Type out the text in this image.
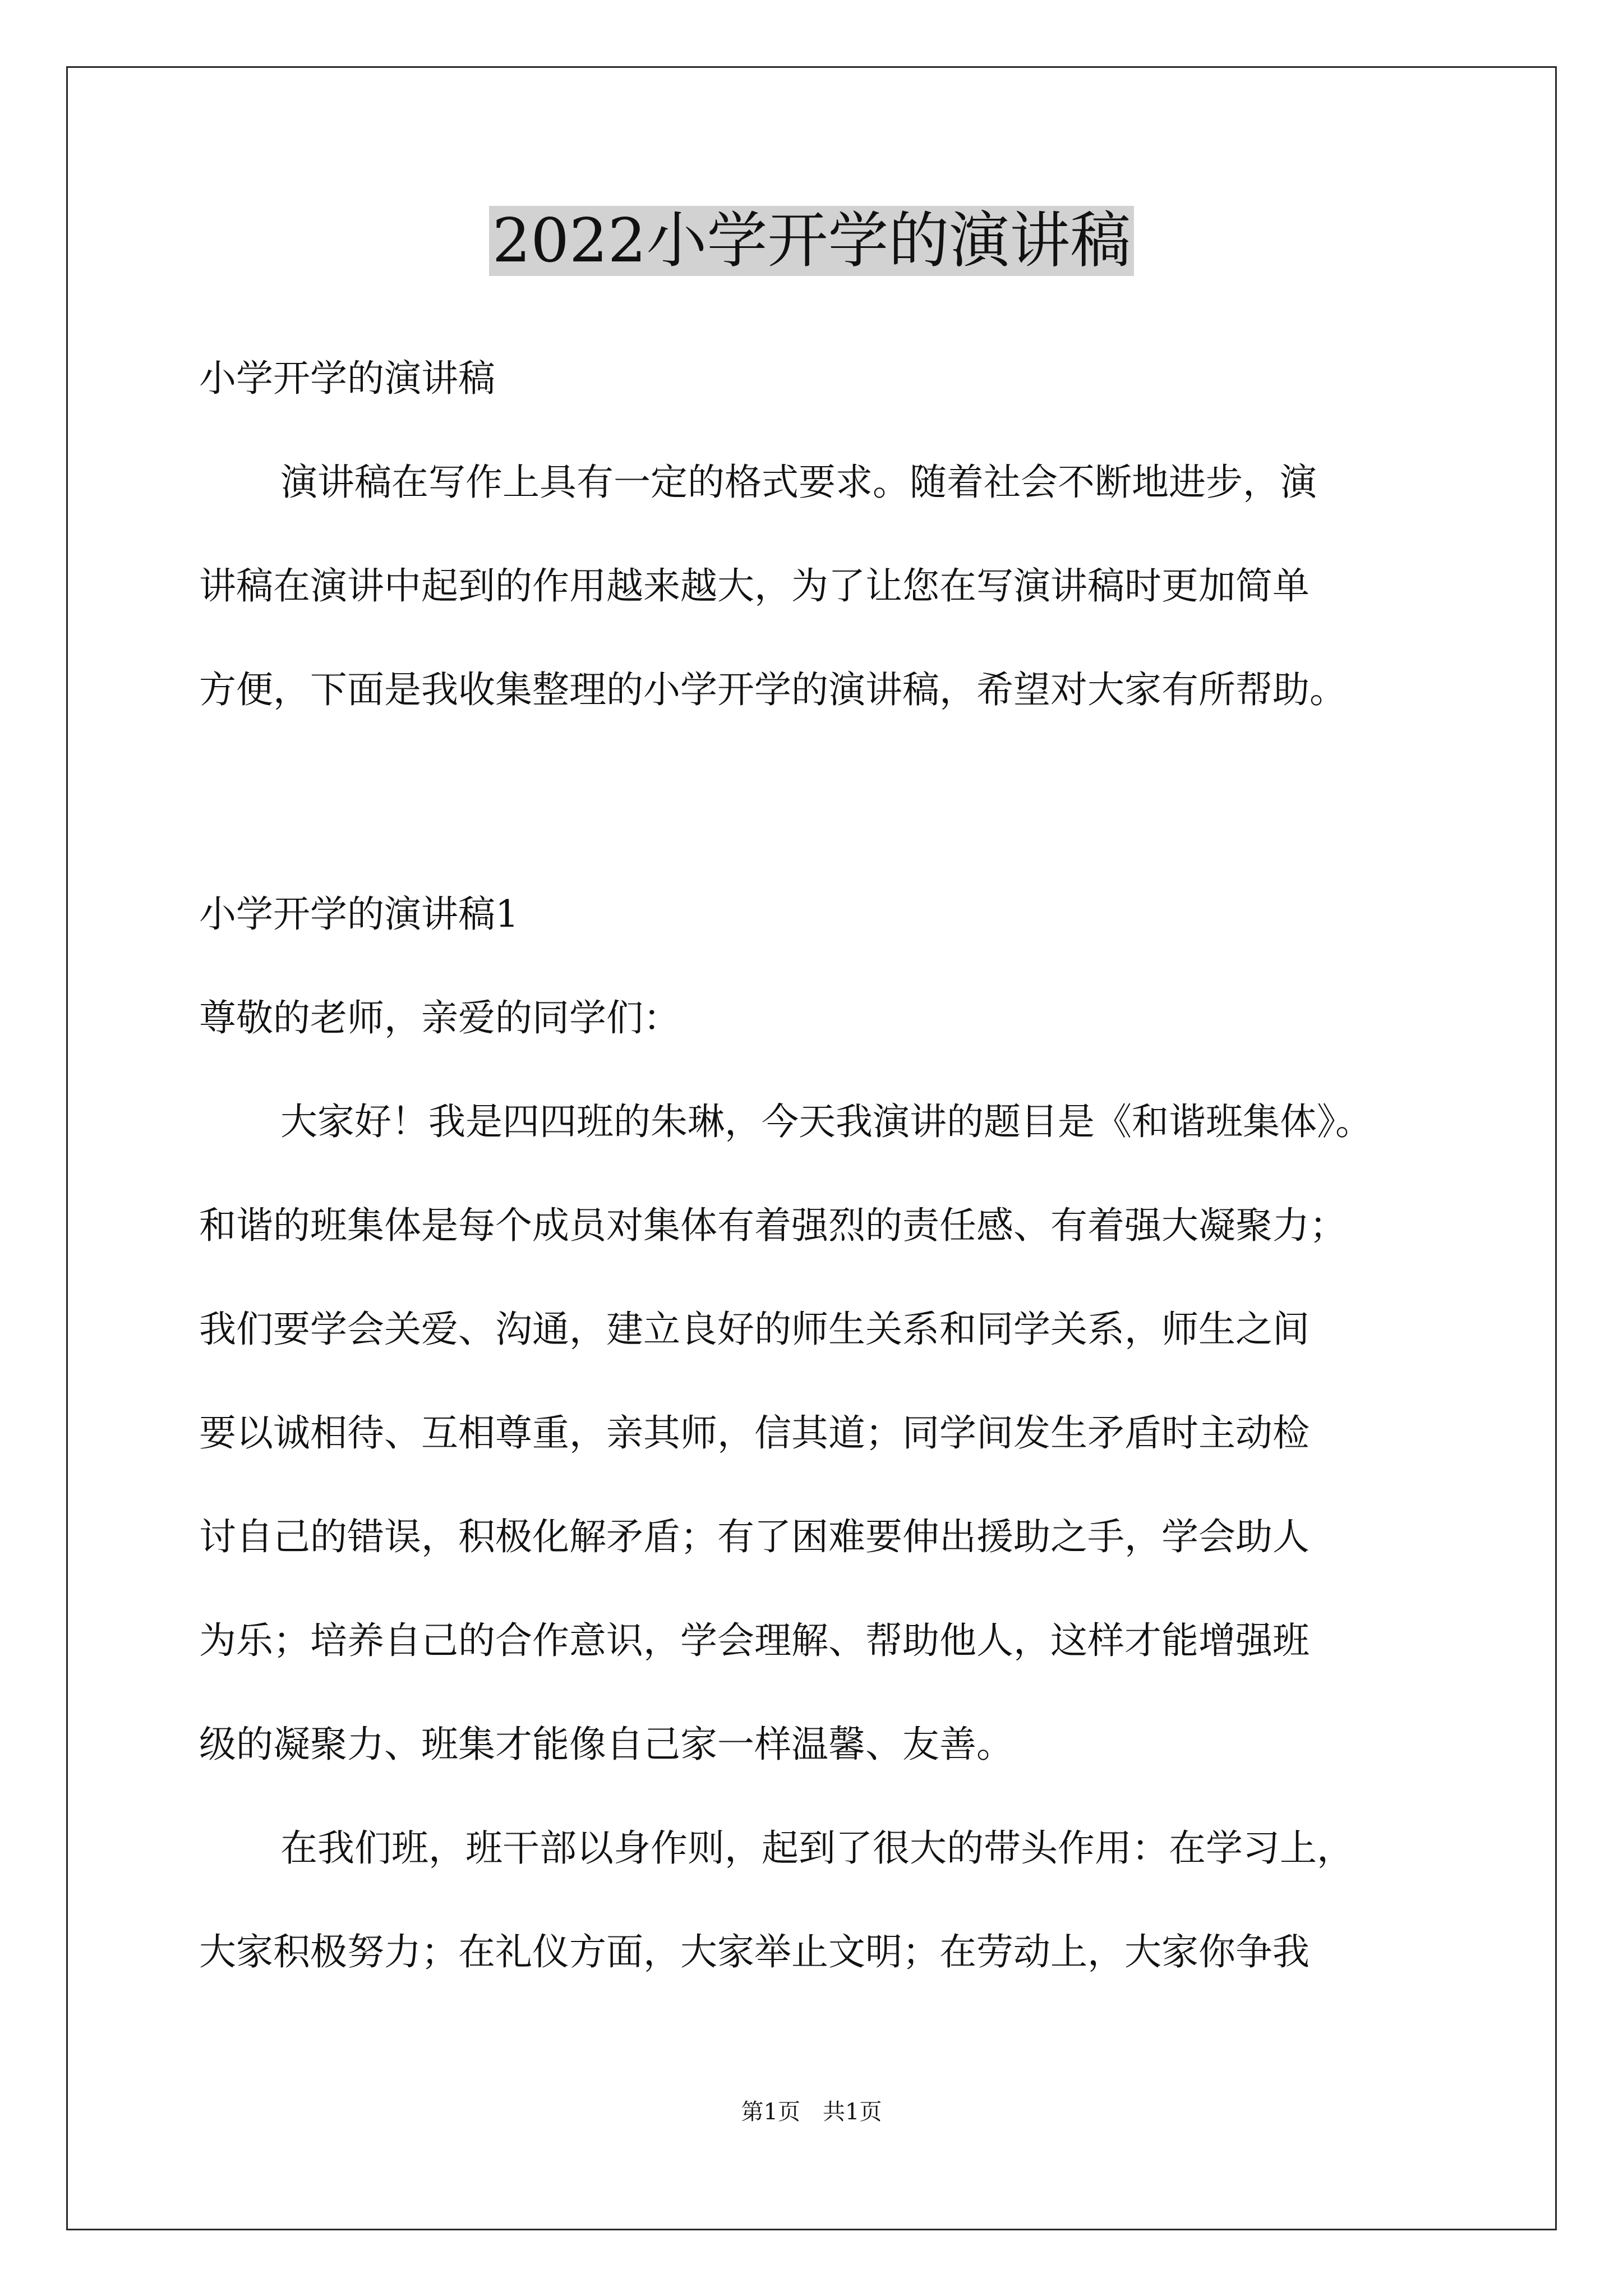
2022小学开学的演讲稿
小学开学的演讲稿
演讲稿在写作上具有一定的格式要求。随着社会不断地进步，演
讲稿在演讲中起到的作用越来越大，为了让您在写演讲稿时更加简单
方便，下面是我收集整理的小学开学的演讲稿，希望对大家有所帮助。
小学开学的演讲稿1
尊敬的老师，亲爱的同学们：
大家好！我是四四班的朱琳，今天我演讲的题目是《和谐班集体》。
和谐的班集体是每个成员对集体有着强烈的责任感、有着强大凝聚力；
我们要学会关爱、沟通，建立良好的师生关系和同学关系，师生之间
要以诚相待、互相尊重，亲其师，信其道；同学间发生矛盾时主动检
讨自己的错误，积极化解矛盾；有了困难要伸出援助之手，学会助人
为乐；培养自己的合作意识，学会理解、帮助他人，这样才能增强班
级的凝聚力、班集才能像自己家一样温馨、友善。
在我们班，班干部以身作则，起到了很大的带头作用：在学习上，
大家积极努力；在礼仪方面，大家举止文明；在劳动上，大家你争我
第1页　共1页
